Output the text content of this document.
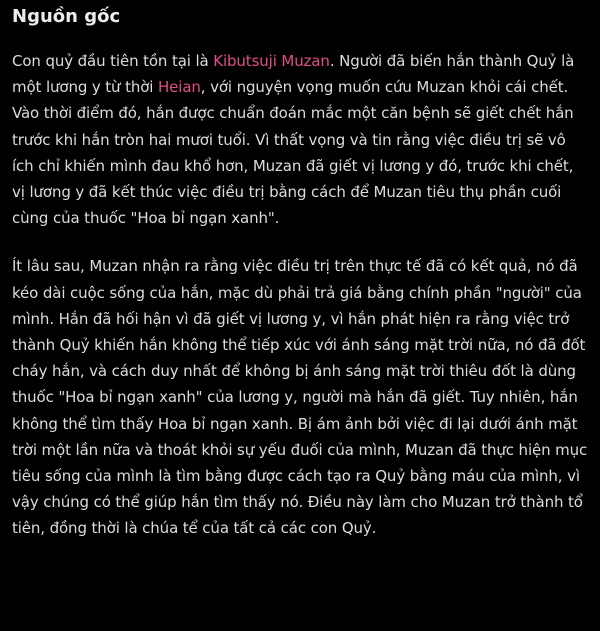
Nguồn gốc

Con quỷ đầu tiên tồn tại là Kibutsuji Muzan. Người đã biến hắn thành Quỷ là một lương y từ thời Heian, với nguyện vọng muốn cứu Muzan khỏi cái chết. Vào thời điểm đó, hắn được chuẩn đoán mắc một căn bệnh sẽ giết chết hắn trước khi hắn tròn hai mươi tuổi. Vì thất vọng và tin rằng việc điều trị sẽ vô ích chỉ khiến mình đau khổ hơn, Muzan đã giết vị lương y đó, trước khi chết, vị lương y đã kết thúc việc điều trị bằng cách để Muzan tiêu thụ phần cuối cùng của thuốc "Hoa bỉ ngạn xanh".

Ít lâu sau, Muzan nhận ra rằng việc điều trị trên thực tế đã có kết quả, nó đã kéo dài cuộc sống của hắn, mặc dù phải trả giá bằng chính phần "người" của mình. Hắn đã hối hận vì đã giết vị lương y, vì hắn phát hiện ra rằng việc trở thành Quỷ khiến hắn không thể tiếp xúc với ánh sáng mặt trời nữa, nó đã đốt cháy hắn, và cách duy nhất để không bị ánh sáng mặt trời thiêu đốt là dùng thuốc "Hoa bỉ ngạn xanh" của lương y, người mà hắn đã giết. Tuy nhiên, hắn không thể tìm thấy Hoa bỉ ngạn xanh. Bị ám ảnh bởi việc đi lại dưới ánh mặt trời một lần nữa và thoát khỏi sự yếu đuối của mình, Muzan đã thực hiện mục tiêu sống của mình là tìm bằng được cách tạo ra Quỷ bằng máu của mình, vì vậy chúng có thể giúp hắn tìm thấy nó. Điều này làm cho Muzan trở thành tổ tiên, đồng thời là chúa tể của tất cả các con Quỷ.
